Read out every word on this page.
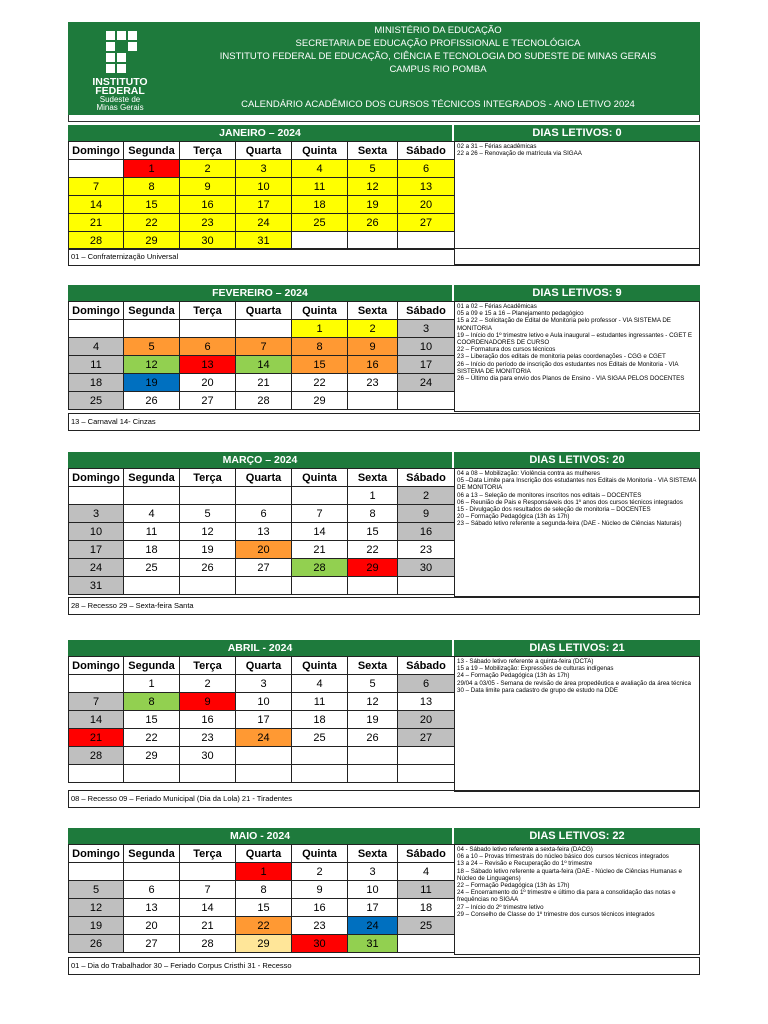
INSTITUTO
FEDERAL
Sudeste de
Minas Gerais
MINISTÉRIO DA EDUCAÇÃO
SECRETARIA DE EDUCAÇÃO PROFISSIONAL E TECNOLÓGICA
INSTITUTO FEDERAL DE EDUCAÇÃO, CIÊNCIA E TECNOLOGIA DO SUDESTE DE MINAS GERAIS
CAMPUS RIO POMBA
CALENDÁRIO ACADÊMICO DOS CURSOS TÉCNICOS INTEGRADOS - ANO LETIVO 2024
JANEIRO – 2024	DIAS LETIVOS: 0
Domingo	Segunda	Terça	Quarta	Quinta	Sexta	Sábado
	1	2	3	4	5	6
7	8	9	10	11	12	13
14	15	16	17	18	19	20
21	22	23	24	25	26	27
28	29	30	31			
02 a 31 – Férias acadêmicas
22 a 26 – Renovação de matrícula via SIGAA
01 – Confraternização Universal
FEVEREIRO – 2024	DIAS LETIVOS: 9
Domingo	Segunda	Terça	Quarta	Quinta	Sexta	Sábado
				1	2	3
4	5	6	7	8	9	10
11	12	13	14	15	16	17
18	19	20	21	22	23	24
25	26	27	28	29		
01 a 02 – Férias Acadêmicas
05 a 09 e 15 a 16 – Planejamento pedagógico
15 a 22 – Solicitação de Edital de Monitoria pelo professor - VIA SISTEMA DE MONITORIA
19 – Início do 1º trimestre letivo e Aula inaugural – estudantes ingressantes - CGET E COORDENADORES DE CURSO
22 – Formatura dos cursos técnicos
23 – Liberação dos editais de monitoria pelas coordenações - CGG e CGET
26 – Início do período de inscrição dos estudantes nos Editais de Monitoria - VIA SISTEMA DE MONITORIA
26 – Último dia para envio dos Planos de Ensino - VIA SIGAA PELOS DOCENTES
13 – Carnaval 14- Cinzas
MARÇO – 2024	DIAS LETIVOS: 20
Domingo	Segunda	Terça	Quarta	Quinta	Sexta	Sábado
					1	2
3	4	5	6	7	8	9
10	11	12	13	14	15	16
17	18	19	20	21	22	23
24	25	26	27	28	29	30
31						
04 a 08 – Mobilização: Violência contra as mulheres
05 –Data Limite para Inscrição dos estudantes nos Editais de Monitoria - VIA SISTEMA DE MONITORIA
06 a 13 – Seleção de monitores inscritos nos editais – DOCENTES
06 – Reunião de Pais e Responsáveis dos 1º anos dos cursos técnicos integrados
15 - Divulgação dos resultados de seleção de monitoria – DOCENTES
20 – Formação Pedagógica (13h às 17h)
23 – Sábado letivo referente a segunda-feira (DAE - Núcleo de Ciências Naturais)
28 – Recesso 29 – Sexta-feira Santa
ABRIL - 2024	DIAS LETIVOS: 21
Domingo	Segunda	Terça	Quarta	Quinta	Sexta	Sábado
	1	2	3	4	5	6
7	8	9	10	11	12	13
14	15	16	17	18	19	20
21	22	23	24	25	26	27
28	29	30				

13 - Sábado letivo referente a quinta-feira (DCTA)
15 a 19 – Mobilização: Expressões de culturas indígenas
24 – Formação Pedagógica (13h às 17h)
29/04 a 03/05 - Semana de revisão de área propedêutica e avaliação da área técnica
30 – Data limite para cadastro de grupo de estudo na DDE
08 – Recesso 09 – Feriado Municipal (Dia da Lola) 21 - Tiradentes
MAIO - 2024	DIAS LETIVOS: 22
Domingo	Segunda	Terça	Quarta	Quinta	Sexta	Sábado
			1	2	3	4
5	6	7	8	9	10	11
12	13	14	15	16	17	18
19	20	21	22	23	24	25
26	27	28	29	30	31	
04 - Sábado letivo referente a sexta-feira (DACG)
06 a 10 – Provas trimestrais do núcleo básico dos cursos técnicos integrados
13 a 24 – Revisão e Recuperação do 1º trimestre
18 – Sábado letivo referente a quarta-feira (DAE - Núcleo de Ciências Humanas e Núcleo de Linguagens)
22 – Formação Pedagógica (13h às 17h)
24 – Encerramento do 1º trimestre e último dia para a consolidação das notas e frequências no SIGAA
27 – Início do 2º trimestre letivo
29 – Conselho de Classe do 1º trimestre dos cursos técnicos integrados
01 – Dia do Trabalhador 30 – Feriado Corpus Cristhi 31 - Recesso
